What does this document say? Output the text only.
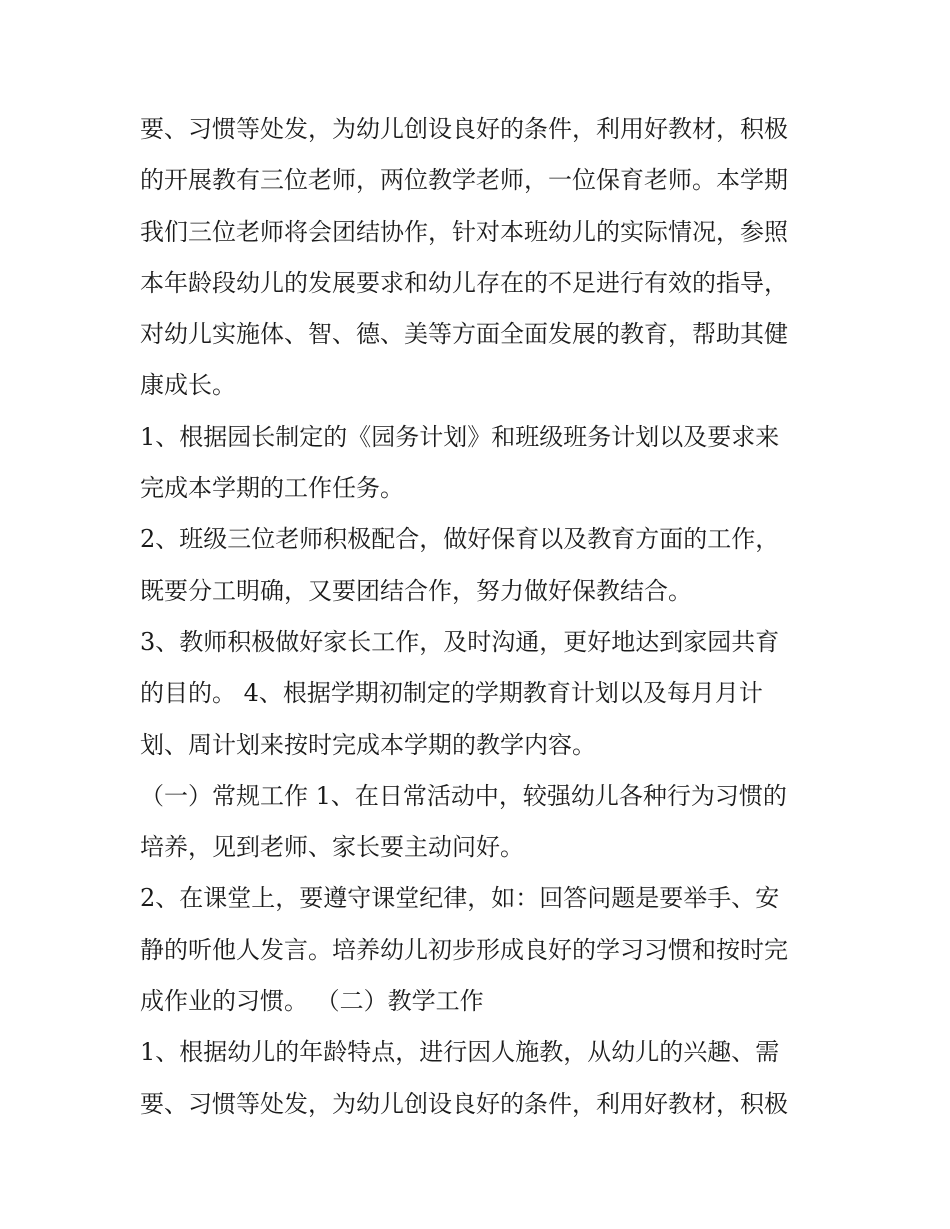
要、习惯等处发，为幼儿创设良好的条件，利用好教材，积极
的开展教有三位老师，两位教学老师，一位保育老师。本学期
我们三位老师将会团结协作，针对本班幼儿的实际情况，参照
本年龄段幼儿的发展要求和幼儿存在的不足进行有效的指导，
对幼儿实施体、智、德、美等方面全面发展的教育，帮助其健
康成长。
1、根据园长制定的《园务计划》和班级班务计划以及要求来
完成本学期的工作任务。
2、班级三位老师积极配合，做好保育以及教育方面的工作，
既要分工明确，又要团结合作，努力做好保教结合。
3、教师积极做好家长工作，及时沟通，更好地达到家园共育
的目的。 4、根据学期初制定的学期教育计划以及每月月计
划、周计划来按时完成本学期的教学内容。
（一）常规工作 1、在日常活动中，较强幼儿各种行为习惯的
培养，见到老师、家长要主动问好。
2、在课堂上，要遵守课堂纪律，如：回答问题是要举手、安
静的听他人发言。培养幼儿初步形成良好的学习习惯和按时完
成作业的习惯。 （二）教学工作
1、根据幼儿的年龄特点，进行因人施教，从幼儿的兴趣、需
要、习惯等处发，为幼儿创设良好的条件，利用好教材，积极
